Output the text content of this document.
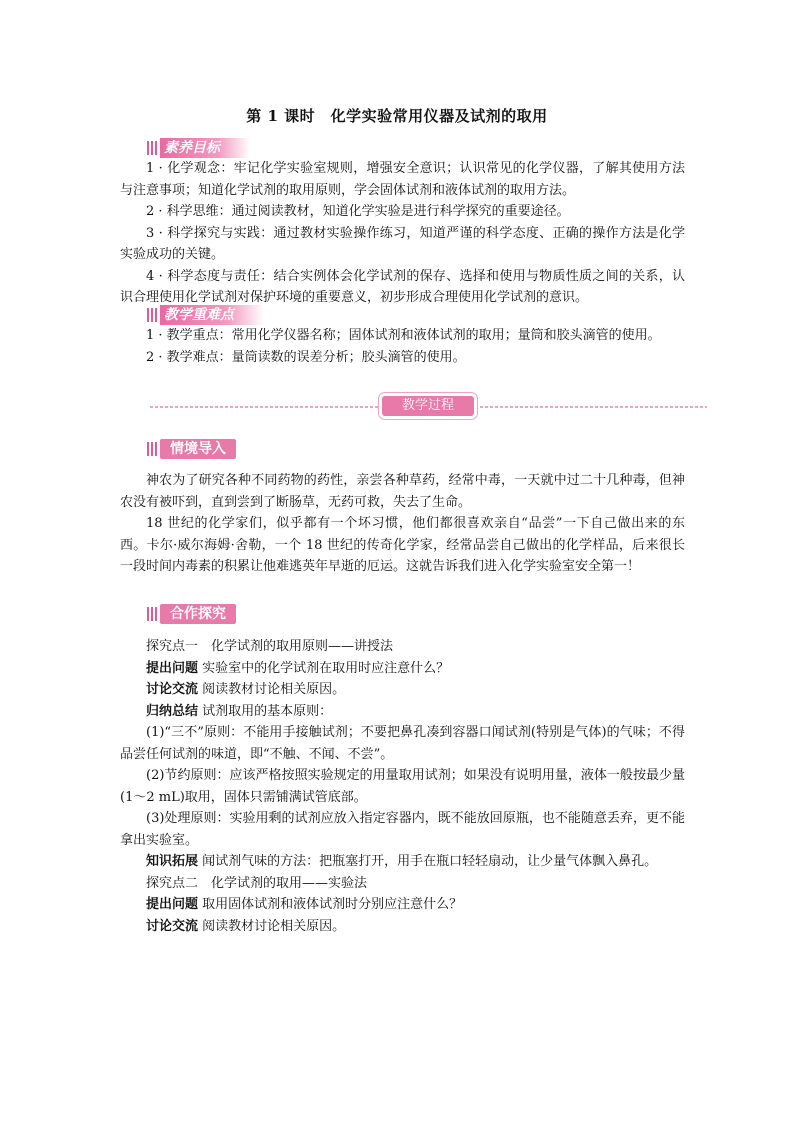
第 1 课时　化学实验常用仪器及试剂的取用
素养目标

1 · 化学观念：牢记化学实验室规则，增强安全意识；认识常见的化学仪器，了解其使用方法与注意事项；知道化学试剂的取用原则，学会固体试剂和液体试剂的取用方法。

2 · 科学思维：通过阅读教材，知道化学实验是进行科学探究的重要途径。

3 · 科学探究与实践：通过教材实验操作练习，知道严谨的科学态度、正确的操作方法是化学实验成功的关键。

4 · 科学态度与责任：结合实例体会化学试剂的保存、选择和使用与物质性质之间的关系，认识合理使用化学试剂对保护环境的重要意义，初步形成合理使用化学试剂的意识。

教学重难点

1 · 教学重点：常用化学仪器名称；固体试剂和液体试剂的取用；量筒和胶头滴管的使用。

2 · 教学难点：量筒读数的误差分析；胶头滴管的使用。

教学过程
情境导入

神农为了研究各种不同药物的药性，亲尝各种草药，经常中毒，一天就中过二十几种毒，但神农没有被吓到，直到尝到了断肠草，无药可救，失去了生命。

18 世纪的化学家们，似乎都有一个坏习惯，他们都很喜欢亲自“品尝”一下自己做出来的东西。卡尔·威尔海姆·舍勒，一个 18 世纪的传奇化学家，经常品尝自己做出的化学样品，后来很长一段时间内毒素的积累让他难逃英年早逝的厄运。这就告诉我们进入化学实验室安全第一！

合作探究

探究点一　化学试剂的取用原则——讲授法

提出问题 实验室中的化学试剂在取用时应注意什么？

讨论交流 阅读教材讨论相关原因。

归纳总结 试剂取用的基本原则：

(1)“三不”原则：不能用手接触试剂；不要把鼻孔凑到容器口闻试剂(特别是气体)的气味；不得品尝任何试剂的味道，即“不触、不闻、不尝”。

(2)节约原则：应该严格按照实验规定的用量取用试剂；如果没有说明用量，液体一般按最少量(1～2 mL)取用，固体只需铺满试管底部。

(3)处理原则：实验用剩的试剂应放入指定容器内，既不能放回原瓶，也不能随意丢弃，更不能拿出实验室。

知识拓展 闻试剂气味的方法：把瓶塞打开，用手在瓶口轻轻扇动，让少量气体飘入鼻孔。

探究点二　化学试剂的取用——实验法

提出问题 取用固体试剂和液体试剂时分别应注意什么？

讨论交流 阅读教材讨论相关原因。
